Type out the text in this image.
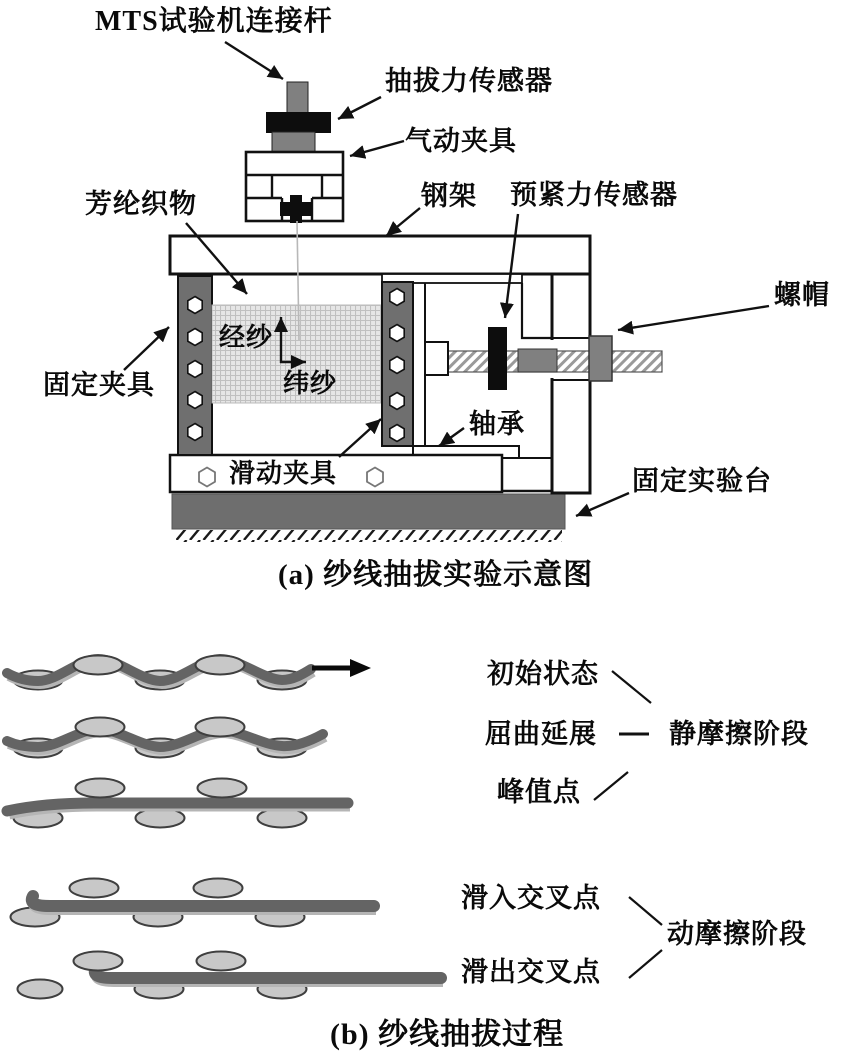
MTS试验机连接杆
抽拔力传感器
气动夹具
钢架 预紧力传感器
螺帽
芳纶织物
经纱
纬纱
固定夹具
轴承
滑动夹具	固定实验台
(a) 纱线抽拔实验示意图
初始状态
屈曲延展	静摩擦阶段
峰值点
滑入交叉点
动摩擦阶段
滑出交叉点
(b) 纱线抽拔过程
